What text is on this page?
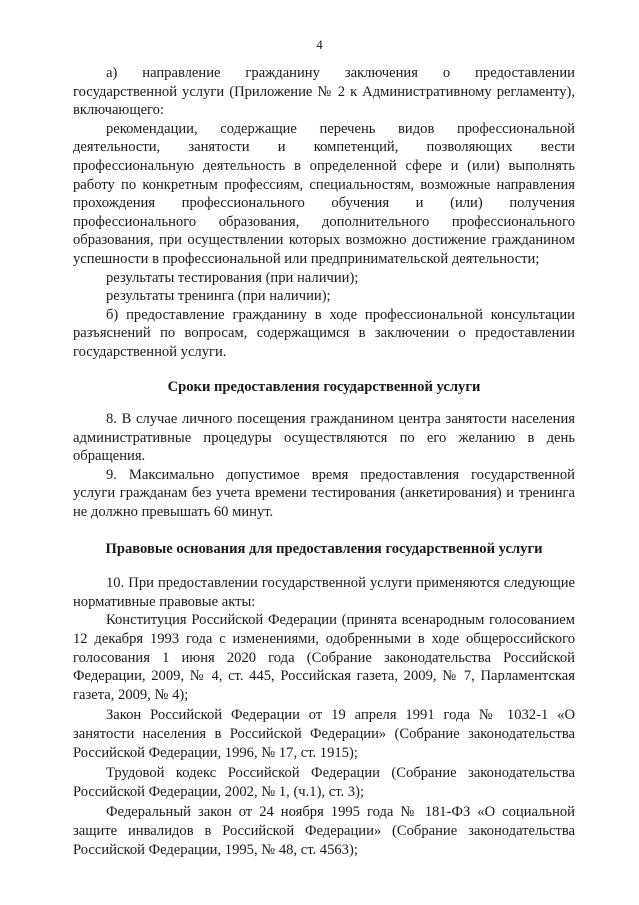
4

а) направление гражданину заключения о предоставлении государственной услуги (Приложение № 2 к Административному регламенту), включающего:

рекомендации, содержащие перечень видов профессиональной деятельности, занятости и компетенций, позволяющих вести профессиональную деятельность в определенной сфере и (или) выполнять работу по конкретным профессиям, специальностям, возможные направления прохождения профессионального обучения и (или) получения профессионального образования, дополнительного профессионального образования, при осуществлении которых возможно достижение гражданином успешности в профессиональной или предпринимательской деятельности;

результаты тестирования (при наличии);

результаты тренинга (при наличии);

б) предоставление гражданину в ходе профессиональной консультации разъяснений по вопросам, содержащимся в заключении о предоставлении государственной услуги.

Сроки предоставления государственной услуги

8. В случае личного посещения гражданином центра занятости населения административные процедуры осуществляются по его желанию в день обращения.

9. Максимально допустимое время предоставления государственной услуги гражданам без учета времени тестирования (анкетирования) и тренинга не должно превышать 60 минут.

Правовые основания для предоставления государственной услуги

10. При предоставлении государственной услуги применяются следующие нормативные правовые акты:

Конституция Российской Федерации (принята всенародным голосованием 12 декабря 1993 года с изменениями, одобренными в ходе общероссийского голосования 1 июня 2020 года (Собрание законодательства Российской Федерации, 2009, № 4, ст. 445, Российская газета, 2009, № 7, Парламентская газета, 2009, № 4);

Закон Российской Федерации от 19 апреля 1991 года № 1032-1 «О занятости населения в Российской Федерации» (Собрание законодательства Российской Федерации, 1996, № 17, ст. 1915);

Трудовой кодекс Российской Федерации (Собрание законодательства Российской Федерации, 2002, № 1, (ч.1), ст. 3);

Федеральный закон от 24 ноября 1995 года № 181-ФЗ «О социальной защите инвалидов в Российской Федерации» (Собрание законодательства Российской Федерации, 1995, № 48, ст. 4563);
